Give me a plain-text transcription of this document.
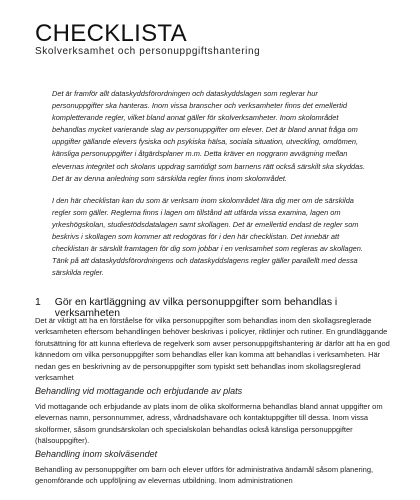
CHECKLISTA
Skolverksamhet och personuppgiftshantering

Det är framför allt dataskyddsförordningen och dataskyddslagen som reglerar hur personuppgifter ska hanteras. Inom vissa branscher och verksamheter finns det emellertid kompletterande regler, vilket bland annat gäller för skolverksamheter. Inom skolområdet behandlas mycket varierande slag av personuppgifter om elever. Det är bland annat fråga om uppgifter gällande elevers fysiska och psykiska hälsa, sociala situation, utveckling, omdömen, känsliga personuppgifter i åtgärdsplaner m.m. Detta kräver en noggrann avvägning mellan elevernas integritet och skolans uppdrag samtidigt som barnens rätt också särskilt ska skyddas. Det är av denna anledning som särskilda regler finns inom skolområdet.

I den här checklistan kan du som är verksam inom skolområdet lära dig mer om de särskilda regler som gäller. Reglerna finns i lagen om tillstånd att utfärda vissa examina, lagen om yrkeshögskolan, studiestödsdatalagen samt skollagen. Det är emellertid endast de regler som beskrivs i skollagen som kommer att redogöras för i den här checklistan. Det innebär att checklistan är särskilt framtagen för dig som jobbar i en verksamhet som regleras av skollagen. Tänk på att dataskyddsförordningens och dataskyddslagens regler gäller parallellt med dessa särskilda regler.

1 Gör en kartläggning av vilka personuppgifter som behandlas i verksamheten
Det är viktigt att ha en förståelse för vilka personuppgifter som behandlas inom den skollagsreglerade verksamheten eftersom behandlingen behöver beskrivas i policyer, riktlinjer och rutiner. En grundläggande förutsättning för att kunna efterleva de regelverk som avser personuppgiftshantering är därför att ha en god kännedom om vilka personuppgifter som behandlas eller kan komma att behandlas i verksamheten. Här nedan ges en beskrivning av de personuppgifter som typiskt sett behandlas inom skollagsreglerad verksamhet
Behandling vid mottagande och erbjudande av plats
Vid mottagande och erbjudande av plats inom de olika skolformerna behandlas bland annat uppgifter om elevernas namn, personnummer, adress, vårdnadshavare och kontaktuppgifter till dessa. Inom vissa skolformer, såsom grundsärskolan och specialskolan behandlas också känsliga personuppgifter (hälsouppgifter).
Behandling inom skolväsendet
Behandling av personuppgifter om barn och elever utförs för administrativa ändamål såsom planering, genomförande och uppföljning av elevernas utbildning. Inom administrationen
